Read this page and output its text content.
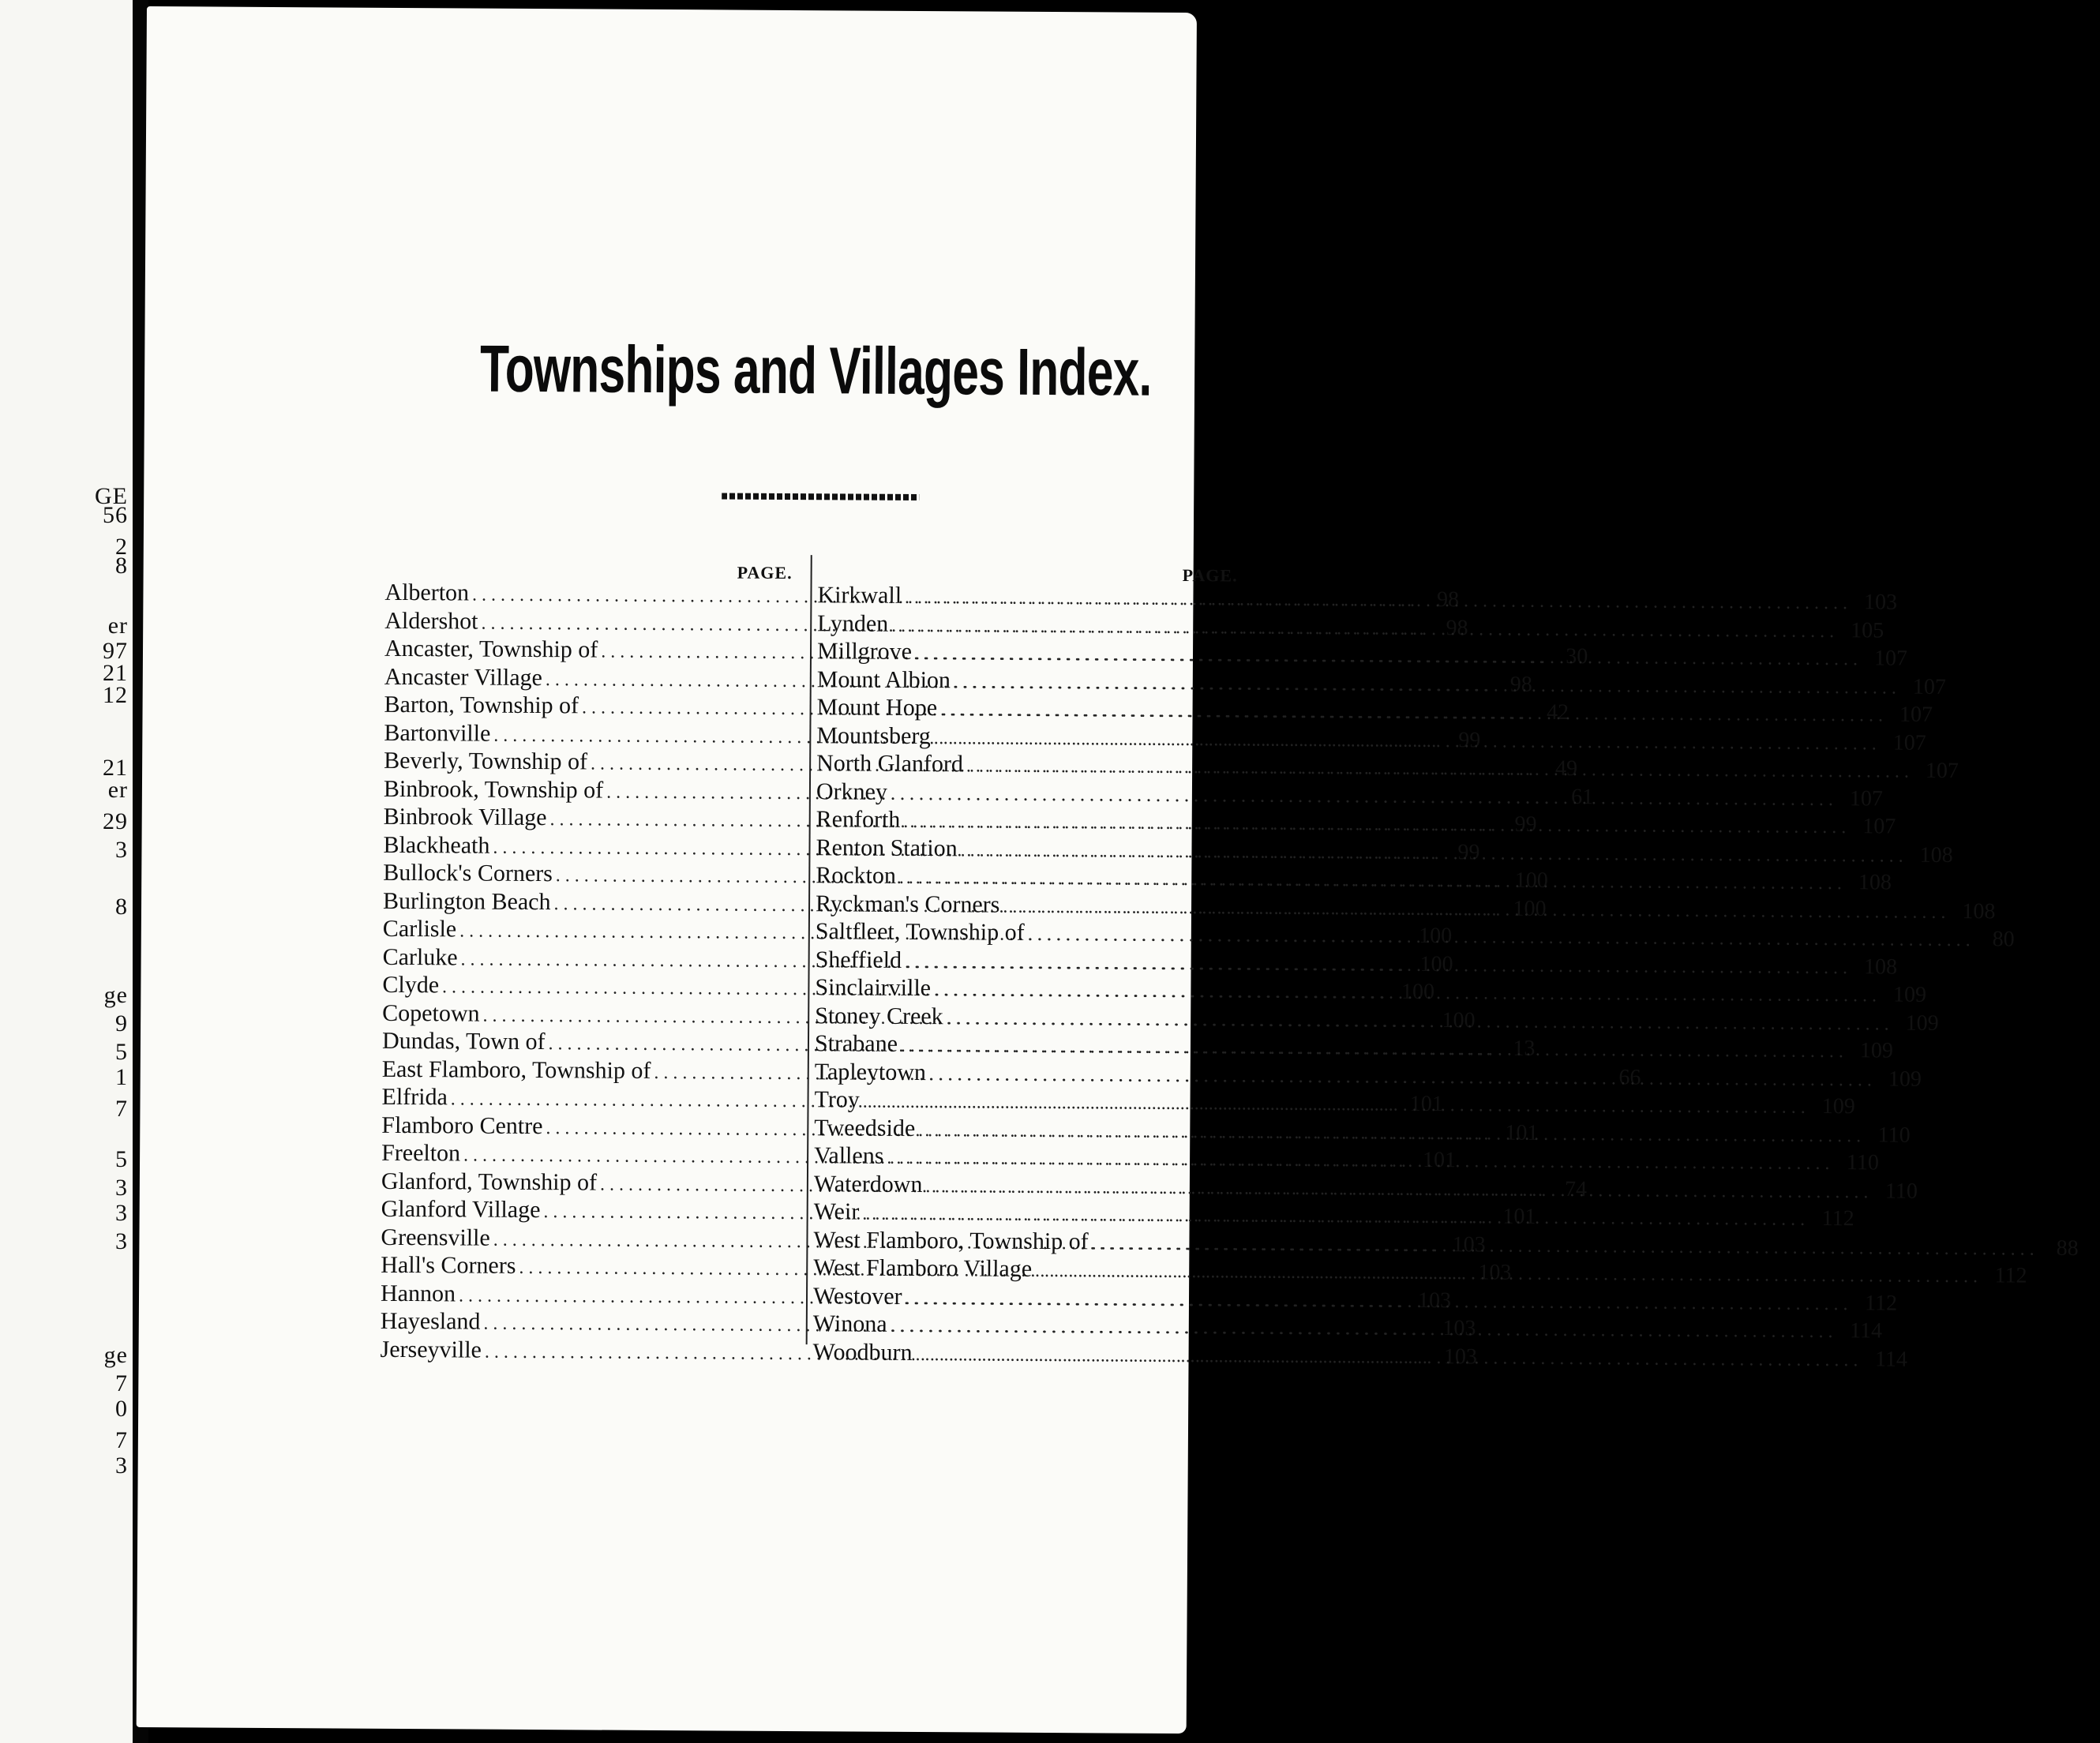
GE
56
2
8
er
97
21
12
21
er
29
3
8
ge
9
5
1
7
5
3
3
3
ge
7
0
7
3
Townships and Villages Index.
PAGE.
Alberton .....	98
Aldershot .....	98
Ancaster, Township of .....	30
Ancaster Village .....	98
Barton, Township of .....	42
Bartonville .....	99
Beverly, Township of .....	49
Binbrook, Township of .....	61
Binbrook Village .....	99
Blackheath .....	99
Bullock's Corners .....	100
Burlington Beach .....	100
Carlisle .....	100
Carluke .....	100
Clyde .....	100
Copetown .....	100
Dundas, Town of .....	13
East Flamboro, Township of .....	66
Elfrida .....	101
Flamboro Centre .....	101
Freelton .....	101
Glanford, Township of .....	74
Glanford Village .....	101
Greensville .....	103
Hall's Corners .....	103
Hannon .....	103
Hayesland .....	103
Jerseyville .....	103
PAGE.
Kirkwall .....	103
Lynden .....	105
Millgrove .....	107
Mount Albion .....	107
Mount Hope .....	107
Mountsberg .....	107
North Glanford .....	107
Orkney .....	107
Renforth .....	107
Renton Station .....	108
Rockton .....	108
Ryckman's Corners .....	108
Saltfleet, Township of .....	80
Sheffield .....	108
Sinclairville .....	109
Stoney Creek .....	109
Strabane .....	109
Tapleytown .....	109
Troy .....	109
Tweedside .....	110
Vallens .....	110
Waterdown .....	110
Weir .....	112
West Flamboro, Township of .....	88
West Flamboro Village .....	112
Westover .....	112
Winona .....	114
Woodburn .....	114
